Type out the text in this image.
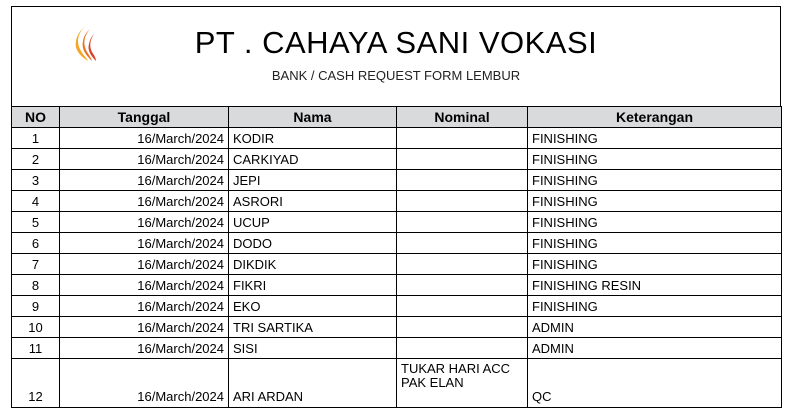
PT . CAHAYA SANI VOKASI
BANK / CASH REQUEST FORM LEMBUR
NO	Tanggal	Nama	Nominal	Keterangan
1	16/March/2024	KODIR		FINISHING
2	16/March/2024	CARKIYAD		FINISHING
3	16/March/2024	JEPI		FINISHING
4	16/March/2024	ASRORI		FINISHING
5	16/March/2024	UCUP		FINISHING
6	16/March/2024	DODO		FINISHING
7	16/March/2024	DIKDIK		FINISHING
8	16/March/2024	FIKRI		FINISHING RESIN
9	16/March/2024	EKO		FINISHING
10	16/March/2024	TRI SARTIKA		ADMIN
11	16/March/2024	SISI		ADMIN
12	16/March/2024	ARI ARDAN	TUKAR HARI ACC PAK ELAN	QC
